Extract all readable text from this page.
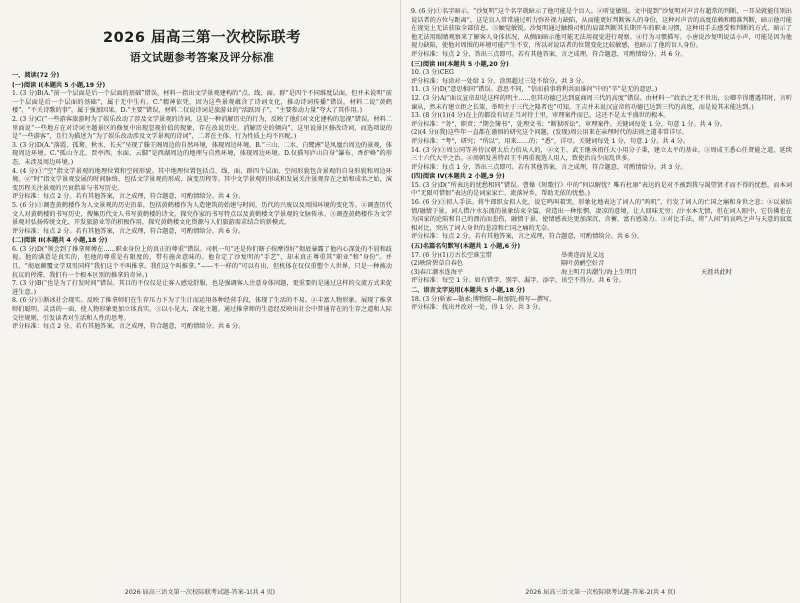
2026 届高三第一次校际联考
语文试题参考答案及评分标准
一、阅读(72 分)
(一)阅读 I(本题共 5 小题,19 分)
1. (3 分)B(A.“前一个层面是后一个层面的基础”错误，材料一指出文学景观建构的“点、线、面、群”是四个不同维度层面，但并未说明“前一个层面是后一个层面的基础”，属于无中生有。C.“精神依凭，因为这些景观蕴含了诗词文化，推动诗词传播”错误，材料二说“黄鹤楼”、“不关诗歌的事”，属于强加因果。D.“主要”错误，材料二仅说诗词是旅游业的“活跃因子”，“主要参动力量”夸大了其作用。)
2. (3 分)C(“一些游客旅游时为了娱乐改动了涉及文学景观的诗词，这是一种消解历史的行为，反映了他们对文化建构的忽视”错误。材料二里面说“一些地方在对诗词主题景区的修复中出现忽视价值的现象，存在改说历史、消解历史的倾向”，这里说景区修改诗词，而选项说的是“一些游客”，且行为描述为“为了娱乐改动涉及文学景观的诗词”，二者在主体、行为性质上均不匹配。)
3. (3 分)D(A.“落霞、孤鹜、秋水、长天”呈现了滕王阁周边的自然环境，体现周边环境。B.“三山、二水、白鹭洲”是凤凰台周边的景观，体现周边环境。C.“孤山寺北、贾亭西、水面、云脚”是西湖周边的地理与自然环境，体现周边环境。D.仅描写庐山自身“瀑布、香炉峰”的形态，未涉及周边环境。)
4. (4 分)①“空”指文学景观的地理位置和空间形貌。其中地理位置包括点、线、面、群四个层面，空间形貌包含景观的自身形貌和周边环境。②“时”指文学景观发展的时间脉络，包括文学景观的形成、演变历程等。其中文学景观的形成和发展关注景观存在之始和成名之始，演变历程关注景观的兴衰指革与书写历史。
评分标准：每点 2 分。若有其他答案，言之成理，符合题意，可酌情给分。共 4 分。
5. (6 分)①调查黄鹤楼作为人文景观的历史沿革，包括黄鹤楼作为人造建筑的始建与时间，历代的兴废以及周围环境的变化等。②调查历代文人对黄鹤楼的书写历史，搜集历代文人书写黄鹤楼的诗文，探究作家的书写特点以及黄鹤楼文学景观的文脉传承。③调查黄鹤楼作为文学景观对弘扬传统文化、开发旅游业等的积极作用，探究黄鹤楼文化资源与人们旅游需求结合的新模式。
评分标准：每点 2 分。若有其他答案，言之成理，符合题意，可酌情给分。共 6 分。
(二)阅读 II(本题共 4 小题,18 分)
6. (3 分)D(“领会到了推拿师傅在……职业身份上的真正的尊重”错误。司机一句“还是你们瞎子按摩得好”彻底暴露了他内心深处的不屑和歧视。他的满意是真实的，但他的尊重是有限度的，带有施舍意味的。他肯定了沙复明的“手艺”，却未真正尊重其“职业”和“身份”。并且，“彻底颠覆文学双男同样“我们这个不叫推拿。我们这个叫推拿。”——不一样的“可以有出，但机体在仅仅重塑个人世界，只是一种被动抗议的停滞，我们有一个根本区别的推拿的奇异。)
7. (3 分)B(“也是为了打发时间”错误。其目的不仅仅是让客人感觉舒服，也是强调客人注意身体问题，更重要的是通过这样的交流方式来促进生意。)
8. (6 分)①渐冰社会现实。反映了推拿师们在生存压力下为了生计而运用各种经营手段，体现了生活的不易。②丰富人物形象。展现了推拿师们聪明、灵活的一面，使人物形象更加立体真实。③以小见大，深化主题。通过推拿师的生意经反映出社会中普通存在的生存之道和人际交往规则，引发读者对生活和人性的思考。
评分标准：每点 2 分。若有其他答案，言之成理，符合题意，可酌情给分。共 6 分。
2026 届高三语文第一次校际联考试题-答案-1(共 4 页)
9. (6 分)①名字暗示。“沙复明”这个名字就暗示了他可能是个盲人。②听觉敏锐。文中提到“沙复明对声音有超常的判断，一耳朵就能佳别出说话者的方位与距离”，这是盲人常常通过听力弥补视力缺陷，从而能更好判断客人的身份，这种对声音的高度依赖和精准判断，暗示他可能在视觉上无法获取全部信息。③触觉敏锐。沙复明通过触摸司机的肩部判断其长期开车的职业习惯，这种用手去感受和判断的方式，暗示了他无法用眼睛观察来了解客人身体状况，从侧面暗示他可能无法用视觉进行观察。④行为习惯描写。小唐说沙复明说话小声，可能是因为他视力缺陷，使他对周围的环境可能产生不安，所以对说话者的位置变化比较敏感，也暗示了他的盲人身份。
评分标准：每点 2 分，答出三点即可。若有其他答案，言之成理，符合题意，可酌情给分。共 6 分。
(三)阅读 III(本题共 5 小题,20 分)
10. (3 分)CEG
评分标准：每涂对一处给 1 分，涂黑超过三处不给分。共 3 分。
11. (3 分)D(“意思相同”错误。意思不同，“信而前事将利共而谁何”中的“辛”是无的意思。)
12. (3 分)A(“面议宣帝却是这样的明主……但其功德已达到夏商周三代的高度”错误。由材料一“政治之无不世出，公卿辛得遭遇其时，言听谏从，然未有建立拒之长策，举明主于三代之隆者也”可知，王吉并未说汉宣帝的功德已达到三代的高度，而是说其未能达到。)
13. (8 分)(1)(4 分)在上的都没有切正当对待土里，审理案件而已，这还不是太平盛世的根本。
评分标准：“务”，职责；“期会簿书”，处理文书；“断狱听讼”，审理案件。关键词每处 1 分，句意 1 分。共 4 分。
(2)(4 分)(我)这些年一直都在谨慎的研究这个问题，(发现)周公用来在亲理时代的法则之道非常详尽。
评分标准：“考”，研究；“所以”，用来……的；“悉”，详尽。关键词每处 1 分，句意 1 分。共 4 分。
14. (3 分)①周公同等善待汉朝太后力倍从人的，②文王、武王继承祖任大小用分子秉，建立太平的基业。③周成王悉心任贤能之道，延续三十六代大平之治。④周朝发善特君王不再重视选人用人，致使治良少而乱世多。
评分标准：每点 1 分，答出三点即可。若有其他答案，言之成理，符合题意，可酌情给分。共 3 分。
(四)阅读 IV(本题共 2 小题,9 分)
15. (3 分)D(“所表达的忧愁相同”错误。曹操《短歌行》中的“何以解忧？唯有杜康”表达的是对不被到我与渴望贤才而不得的忧愁，而本词中“无限可惜恨”表达的是词家家亡、流落异乡，帮助无依的忧愁。)
16. (6 分)①拟人手法。将牛郎织女拟人化，说它鸣叫着哭，形象化地表达了词人的“呜叽”，行发了词人的亡国之痛和身世之悲；②以景结情/融情于景。词人借汴水东流的景象结束全篇，营造出一种怅惘、凄凉的意境，让人回味无穷；/汴水本无情，但在词人眼中，它仿佛也在为国家的沦陷和自己的漂泊而悲伤，融情于景，使情感表达更加深沉、含蓄，富有感染力。③对比手法。将“人间”的哀鸣之声与天意的寂寞相对比，突出了词人身世的悲凉和亡国之痛的无奈。
评分标准：每点 2 分。若有其他答案，言之成理，符合题意，可酌情给分。共 6 分。
(五)名篇名句默写(本题共 1 小题,6 分)
17. (6 分)(1)万古长空谁宝惜	举类迩而见义远
(2)映阶碧草自春色	隔叶黄鹂空好音
(3)春江潮水连海平	海上明月共潮生/海上生明月	天涯共此时
评分标准：每空 1 分。如有错字、别字、漏字、添字，该空不得分。共 6 分。
二、语言文字运用(本题共 5 小题,18 分)
18. (3 分)斩索—勒索;博物院—附加院;摸写—撰写。
评分标准：找出并改对一处，得 1 分。共 3 分。
2026 届高三语文第一次校际联考试题-答案-2(共 4 页)
